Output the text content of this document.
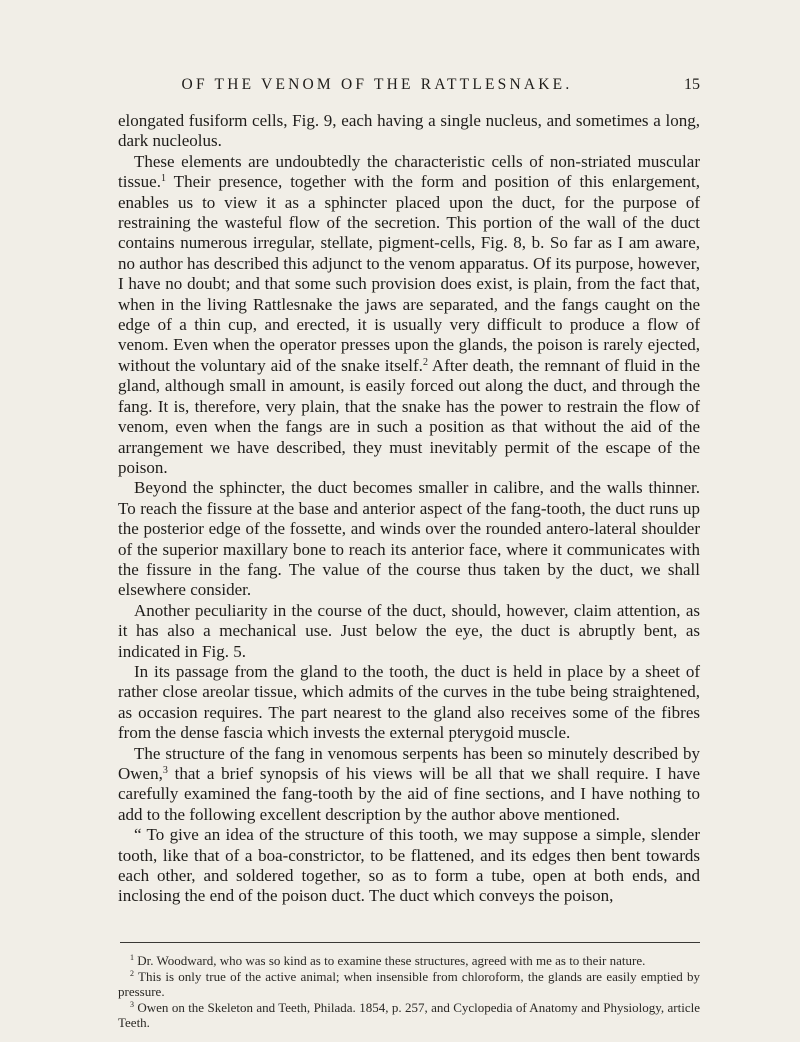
OF THE VENOM OF THE RATTLESNAKE.	15

elongated fusiform cells, Fig. 9, each having a single nucleus, and sometimes a long, dark nucleolus.

These elements are undoubtedly the characteristic cells of non-striated muscular tissue.$^1$ Their presence, together with the form and position of this enlargement, enables us to view it as a sphincter placed upon the duct, for the purpose of restraining the wasteful flow of the secretion. This portion of the wall of the duct contains numerous irregular, stellate, pigment-cells, Fig. 8, b. So far as I am aware, no author has described this adjunct to the venom apparatus. Of its purpose, however, I have no doubt; and that some such provision does exist, is plain, from the fact that, when in the living Rattlesnake the jaws are separated, and the fangs caught on the edge of a thin cup, and erected, it is usually very difficult to produce a flow of venom. Even when the operator presses upon the glands, the poison is rarely ejected, without the voluntary aid of the snake itself.$^2$ After death, the remnant of fluid in the gland, although small in amount, is easily forced out along the duct, and through the fang. It is, therefore, very plain, that the snake has the power to restrain the flow of venom, even when the fangs are in such a position as that without the aid of the arrangement we have described, they must inevitably permit of the escape of the poison.

Beyond the sphincter, the duct becomes smaller in calibre, and the walls thinner. To reach the fissure at the base and anterior aspect of the fang-tooth, the duct runs up the posterior edge of the fossette, and winds over the rounded antero-lateral shoulder of the superior maxillary bone to reach its anterior face, where it communicates with the fissure in the fang. The value of the course thus taken by the duct, we shall elsewhere consider.

Another peculiarity in the course of the duct, should, however, claim attention, as it has also a mechanical use. Just below the eye, the duct is abruptly bent, as indicated in Fig. 5.

In its passage from the gland to the tooth, the duct is held in place by a sheet of rather close areolar tissue, which admits of the curves in the tube being straightened, as occasion requires. The part nearest to the gland also receives some of the fibres from the dense fascia which invests the external pterygoid muscle.

The structure of the fang in venomous serpents has been so minutely described by Owen,$^3$ that a brief synopsis of his views will be all that we shall require. I have carefully examined the fang-tooth by the aid of fine sections, and I have nothing to add to the following excellent description by the author above mentioned.

“ To give an idea of the structure of this tooth, we may suppose a simple, slender tooth, like that of a boa-constrictor, to be flattened, and its edges then bent towards each other, and soldered together, so as to form a tube, open at both ends, and inclosing the end of the poison duct. The duct which conveys the poison,

$^1$ Dr. Woodward, who was so kind as to examine these structures, agreed with me as to their nature.

$^2$ This is only true of the active animal; when insensible from chloroform, the glands are easily emptied by pressure.

$^3$ Owen on the Skeleton and Teeth, Philada. 1854, p. 257, and Cyclopedia of Anatomy and Physiology, article Teeth.
